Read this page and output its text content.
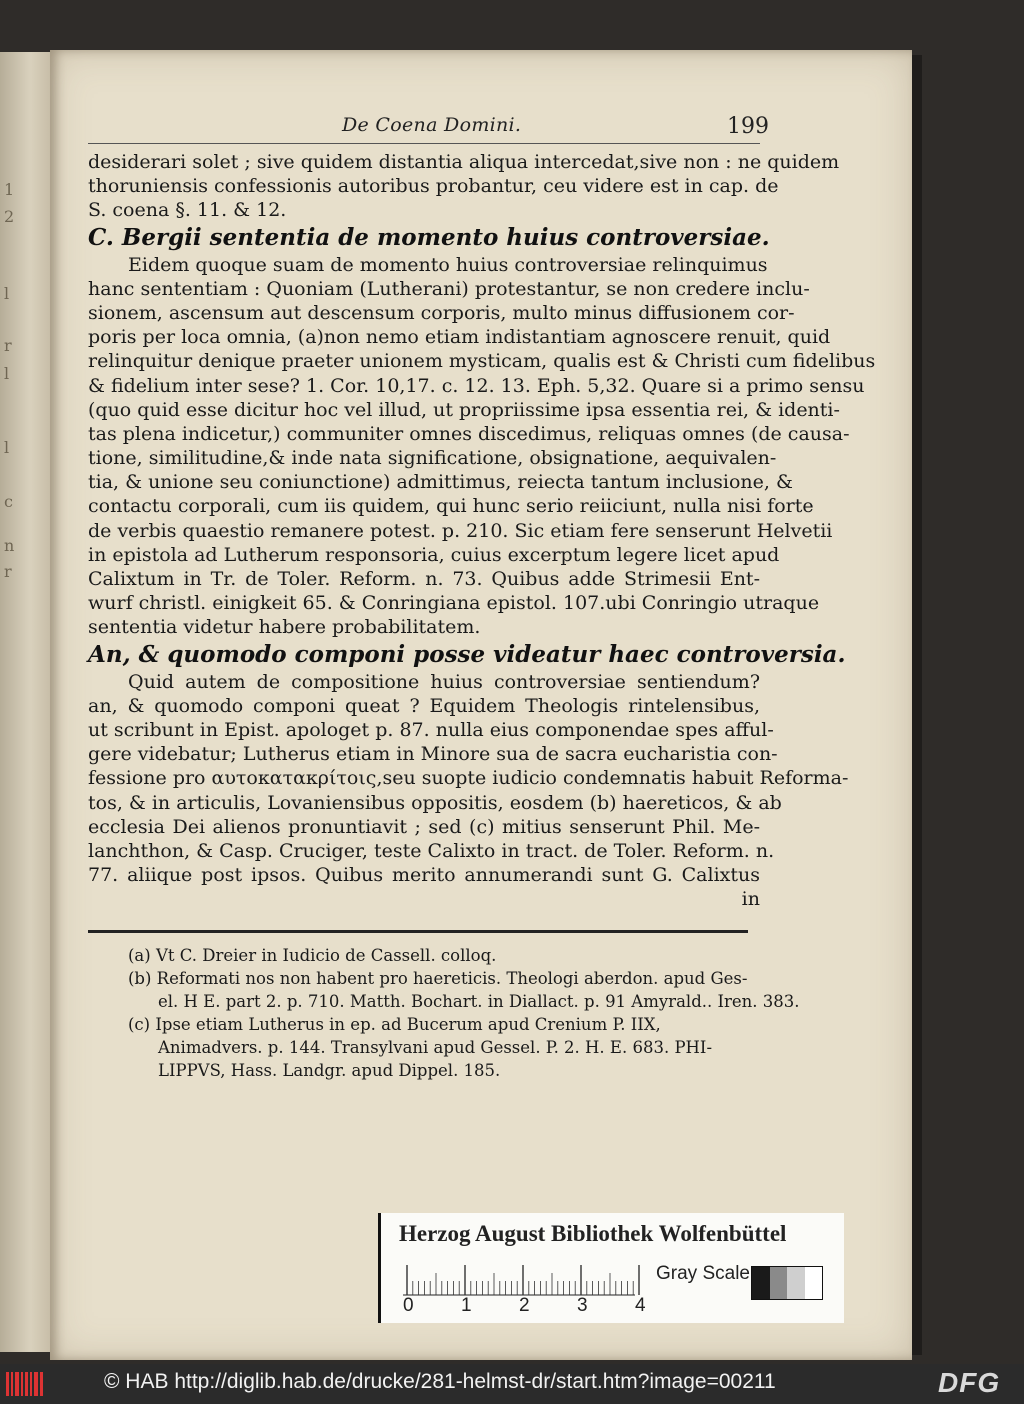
1
2
l
r
l
l
c
n
r
De Coena Domini.	199
desiderari solet ; sive quidem distantia aliqua intercedat,sive non : ne quidem
thoruniensis confessionis autoribus probantur, ceu videre est in cap. de
S. coena §. 11. & 12.
C. Bergii sententia de momento huius controversiae.
Eidem quoque suam de momento huius controversiae relinquimus
hanc sententiam : Quoniam (Lutherani) protestantur, se non credere inclu-
sionem, ascensum aut descensum corporis, multo minus diffusionem cor-
poris per loca omnia, (a)non nemo etiam indistantiam agnoscere renuit, quid
relinquitur denique praeter unionem mysticam, qualis est & Christi cum fidelibus
& fidelium inter sese? 1. Cor. 10,17. c. 12. 13. Eph. 5,32. Quare si a primo sensu
(quo quid esse dicitur hoc vel illud, ut propriissime ipsa essentia rei, & identi-
tas plena indicetur,) communiter omnes discedimus, reliquas omnes (de causa-
tione, similitudine,& inde nata significatione, obsignatione, aequivalen-
tia, & unione seu coniunctione) admittimus, reiecta tantum inclusione, &
contactu corporali, cum iis quidem, qui hunc serio reiiciunt, nulla nisi forte
de verbis quaestio remanere potest. p. 210. Sic etiam fere senserunt Helvetii
in epistola ad Lutherum responsoria, cuius excerptum legere licet apud
Calixtum in Tr. de Toler. Reform. n. 73. Quibus adde Strimesii Ent-
wurf christl. einigkeit 65. & Conringiana epistol. 107.ubi Conringio utraque
sententia videtur habere probabilitatem.
An, & quomodo componi posse videatur haec controversia.
Quid autem de compositione huius controversiae sentiendum?
an, & quomodo componi queat ? Equidem Theologis rintelensibus,
ut scribunt in Epist. apologet p. 87. nulla eius componendae spes afful-
gere videbatur; Lutherus etiam in Minore sua de sacra eucharistia con-
fessione pro αυτοκατακρίτοις,seu suopte iudicio condemnatis habuit Reforma-
tos, & in articulis, Lovaniensibus oppositis, eosdem (b) haereticos, & ab
ecclesia Dei alienos pronuntiavit ; sed (c) mitius senserunt Phil. Me-
lanchthon, & Casp. Cruciger, teste Calixto in tract. de Toler. Reform. n.
77. aliique post ipsos. Quibus merito annumerandi sunt G. Calixtus
in
(a) Vt C. Dreier in Iudicio de Cassell. colloq.
(b) Reformati nos non habent pro haereticis. Theologi aberdon. apud Ges-
el. H E. part 2. p. 710. Matth. Bochart. in Diallact. p. 91 Amyrald.. Iren. 383.
(c) Ipse etiam Lutherus in ep. ad Bucerum apud Crenium P. IIX,
Animadvers. p. 144. Transylvani apud Gessel. P. 2. H. E. 683. PHI-
LIPPVS, Hass. Landgr. apud Dippel. 185.
Herzog August Bibliothek Wolfenbüttel
0 1 2 3 4
Gray Scale
© HAB http://diglib.hab.de/drucke/281-helmst-dr/start.htm?image=00211	DFG
